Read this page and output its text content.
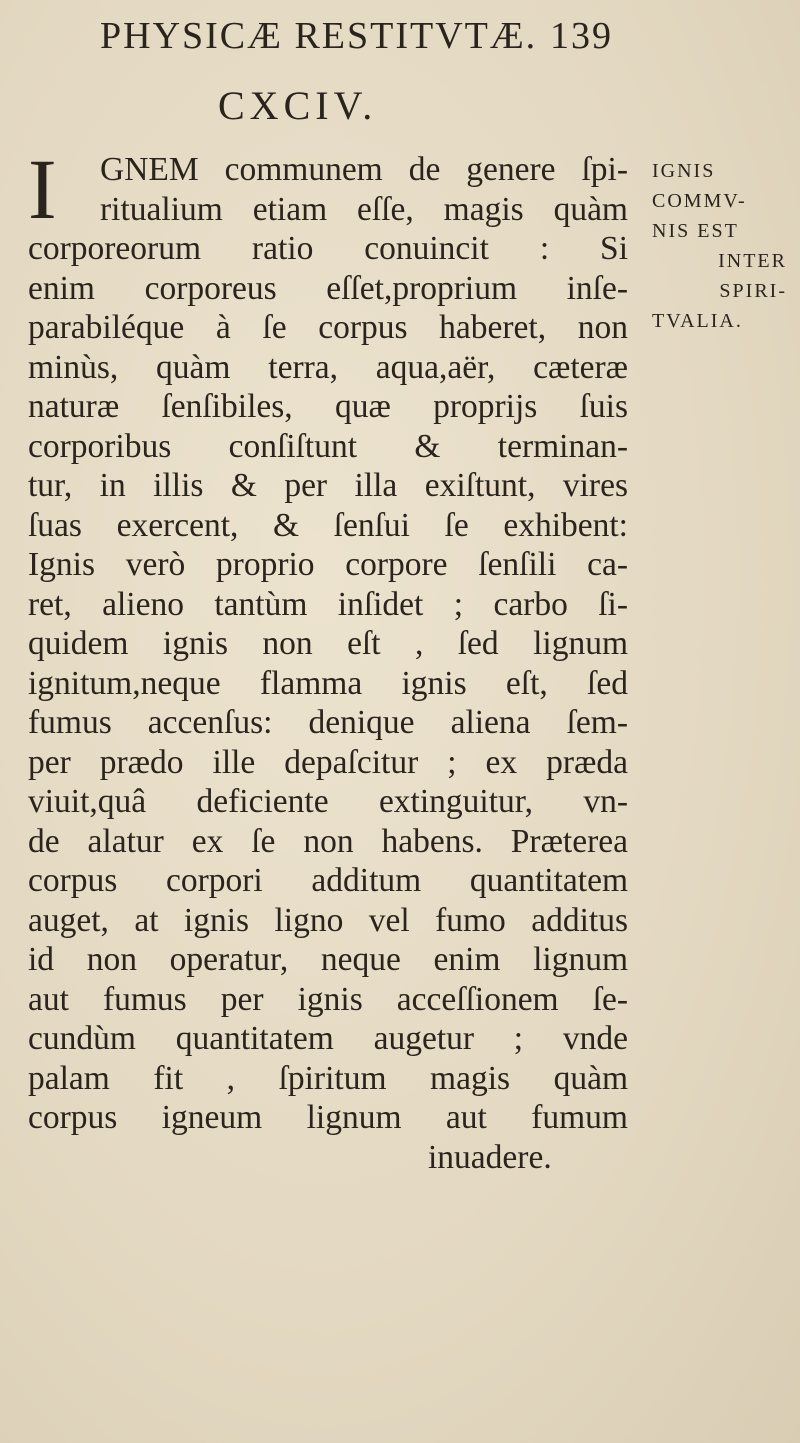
PHYSICÆ RESTITVTÆ. 139
CXCIV.
I	GNEM communem de genere ſpi-
ritualium etiam eſſe, magis quàm
corporeorum ratio conuincit : Si
enim corporeus eſſet,proprium inſe-
parabiléque à ſe corpus haberet, non
minùs, quàm terra, aqua,aër, cæteræ
naturæ ſenſibiles, quæ proprijs ſuis
corporibus conſiſtunt & terminan-
tur, in illis & per illa exiſtunt, vires
ſuas exercent, & ſenſui ſe exhibent:
Ignis verò proprio corpore ſenſili ca-
ret, alieno tantùm inſidet ; carbo ſi-
quidem ignis non eſt , ſed lignum
ignitum,neque flamma ignis eſt, ſed
fumus accenſus: denique aliena ſem-
per prædo ille depaſcitur ; ex præda
viuit,quâ deficiente extinguitur, vn-
de alatur ex ſe non habens. Præterea
corpus corpori additum quantitatem
auget, at ignis ligno vel fumo additus
id non operatur, neque enim lignum
aut fumus per ignis acceſſionem ſe-
cundùm quantitatem augetur ; vnde
palam fit , ſpiritum magis quàm
corpus igneum lignum aut fumum
inuadere.
IGNIS
COMMV-
NIS EST
INTER
SPIRI-
TVALIA.
